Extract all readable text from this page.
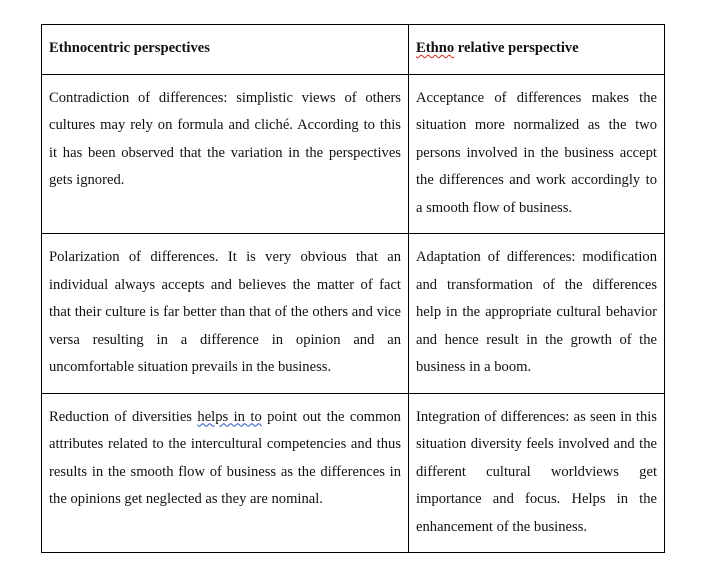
Ethnocentric perspectives	Ethno relative perspective
Contradiction of differences: simplistic views of others cultures may rely on formula and cliché. According to this it has been observed that the variation in the perspectives gets ignored.	Acceptance of differences makes the situation more normalized as the two persons involved in the business accept the differences and work accordingly to a smooth flow of business.
Polarization of differences. It is very obvious that an individual always accepts and believes the matter of fact that their culture is far better than that of the others and vice versa resulting in a difference in opinion and an uncomfortable situation prevails in the business.	Adaptation of differences: modification and transformation of the differences help in the appropriate cultural behavior and hence result in the growth of the business in a boom.
Reduction of diversities helps in to point out the common attributes related to the intercultural competencies and thus results in the smooth flow of business as the differences in the opinions get neglected as they are nominal.	Integration of differences: as seen in this situation diversity feels involved and the different cultural worldviews get importance and focus. Helps in the enhancement of the business.
